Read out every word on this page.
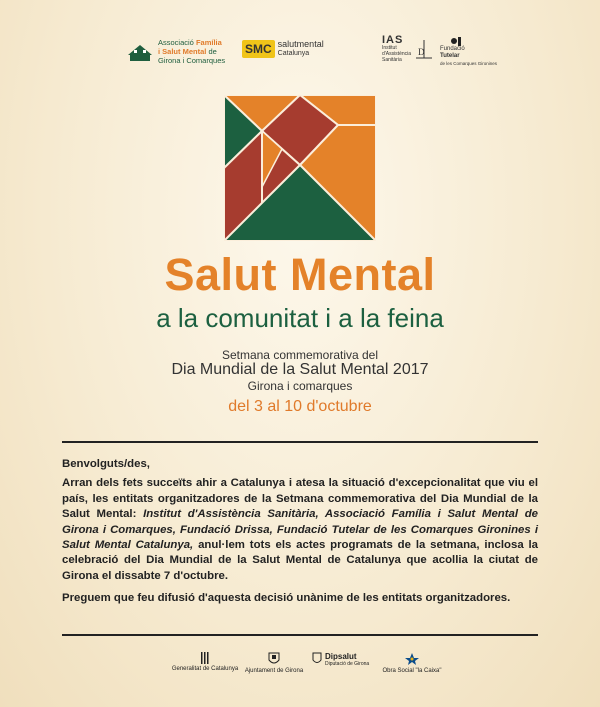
Associació Família
i Salut Mental de
Girona i Comarques
SMC salutmental
Catalunya
IAS
Institut d'Assistència Sanitària
D	Fundació
Tutelar
de les Comarques Gironines
Salut Mental
a la comunitat i a la feina
Setmana commemorativa del
Dia Mundial de la Salut Mental 2017
Girona i comarques
del 3 al 10 d'octubre

Benvolguts/des,

Arran dels fets succeïts ahir a Catalunya i atesa la situació d'excepcionalitat que viu el país, les entitats organitzadores de la Setmana commemorativa del Dia Mundial de la Salut Mental: Institut d'Assistència Sanitària, Associació Família i Salut Mental de Girona i Comarques, Fundació Drissa, Fundació Tutelar de les Comarques Gironines i Salut Mental Catalunya, anul·lem tots els actes programats de la setmana, inclosa la celebració del Dia Mundial de la Salut Mental de Catalunya que acollia la ciutat de Girona el dissabte 7 d'octubre.

Preguem que feu difusió d'aquesta decisió unànime de les entitats organitzadores.

Generalitat de Catalunya	Ajuntament de Girona
Dipsalut
Diputació de Girona
Obra Social "la Caixa"
